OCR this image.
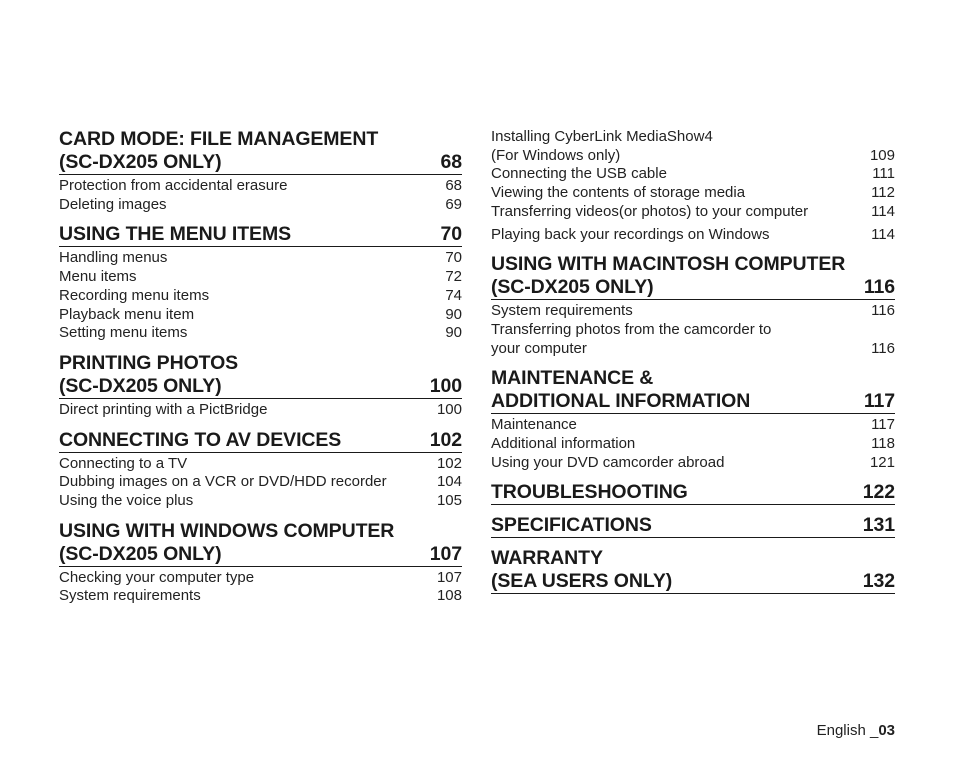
CARD MODE: FILE MANAGEMENT
(SC-DX205 ONLY)	68
Protection from accidental erasure	68
Deleting images	69
USING THE MENU ITEMS	70
Handling menus	70
Menu items	72
Recording menu items	74
Playback menu item	90
Setting menu items	90
PRINTING PHOTOS
(SC-DX205 ONLY)	100
Direct printing with a PictBridge	100
CONNECTING TO AV DEVICES	102
Connecting to a TV	102
Dubbing images on a VCR or DVD/HDD recorder	104
Using the voice plus	105
USING WITH WINDOWS COMPUTER
(SC-DX205 ONLY)	107
Checking your computer type	107
System requirements	108
Installing CyberLink MediaShow4
(For Windows only)	109
Connecting the USB cable	111
Viewing the contents of storage media	112
Transferring videos(or photos) to your computer	114
Playing back your recordings on Windows	114
USING WITH MACINTOSH COMPUTER
(SC-DX205 ONLY)	116
System requirements	116
Transferring photos from the camcorder to
your computer	116
MAINTENANCE &
ADDITIONAL INFORMATION	117
Maintenance	117
Additional information	118
Using your DVD camcorder abroad	121
TROUBLESHOOTING	122
SPECIFICATIONS	131
WARRANTY
(SEA USERS ONLY)	132
English _03
